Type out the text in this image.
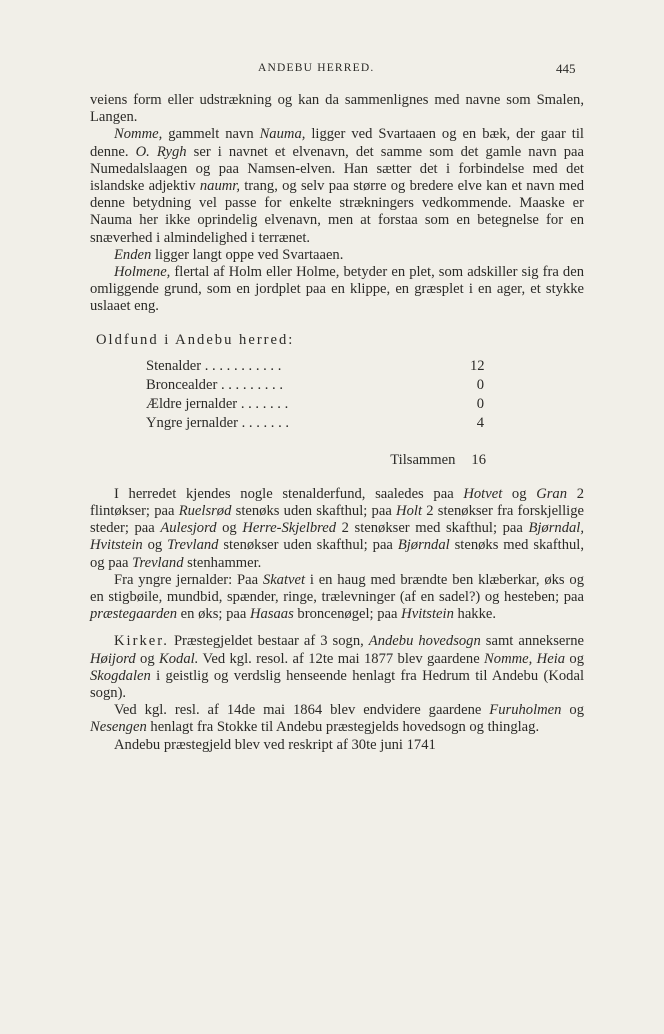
ANDEBU HERRED.	445

veiens form eller udstrækning og kan da sammenlignes med navne som Smalen, Langen.

Nomme, gammelt navn Nauma, ligger ved Svartaaen og en bæk, der gaar til denne. O. Rygh ser i navnet et elvenavn, det samme som det gamle navn paa Numedalslaagen og paa Namsen-elven. Han sætter det i forbindelse med det islandske adjektiv naumr, trang, og selv paa større og bredere elve kan et navn med denne betydning vel passe for enkelte strækningers vedkommende. Maaske er Nauma her ikke oprindelig elvenavn, men at forstaa som en betegnelse for en snæverhed i almindelighed i terrænet.

Enden ligger langt oppe ved Svartaaen.

Holmene, flertal af Holm eller Holme, betyder en plet, som adskiller sig fra den omliggende grund, som en jordplet paa en klippe, en græsplet i en ager, et stykke uslaaet eng.

Oldfund i Andebu herred:

Stenalder . . . . . . . . . . .	12
Broncealder . . . . . . . . .	0
Ældre jernalder . . . . . . .	0
Yngre jernalder . . . . . . .	4
Tilsammen 16

I herredet kjendes nogle stenalderfund, saaledes paa Hotvet og Gran 2 flintøkser; paa Ruelsrød stenøks uden skafthul; paa Holt 2 stenøkser fra forskjellige steder; paa Aulesjord og Herre-Skjelbred 2 stenøkser med skafthul; paa Bjørndal, Hvitstein og Trevland stenøkser uden skafthul; paa Bjørndal stenøks med skafthul, og paa Trevland stenhammer.

Fra yngre jernalder: Paa Skatvet i en haug med brændte ben klæberkar, øks og en stigbøile, mundbid, spænder, ringe, trælevninger (af en sadel?) og hesteben; paa præstegaarden en øks; paa Hasaas broncenøgel; paa Hvitstein hakke.

Kirker. Præstegjeldet bestaar af 3 sogn, Andebu hovedsogn samt annekserne Høijord og Kodal. Ved kgl. resol. af 12te mai 1877 blev gaardene Nomme, Heia og Skogdalen i geistlig og verdslig henseende henlagt fra Hedrum til Andebu (Kodal sogn).

Ved kgl. resl. af 14de mai 1864 blev endvidere gaardene Furuholmen og Nesengen henlagt fra Stokke til Andebu præstegjelds hovedsogn og thinglag.

Andebu præstegjeld blev ved reskript af 30te juni 1741
